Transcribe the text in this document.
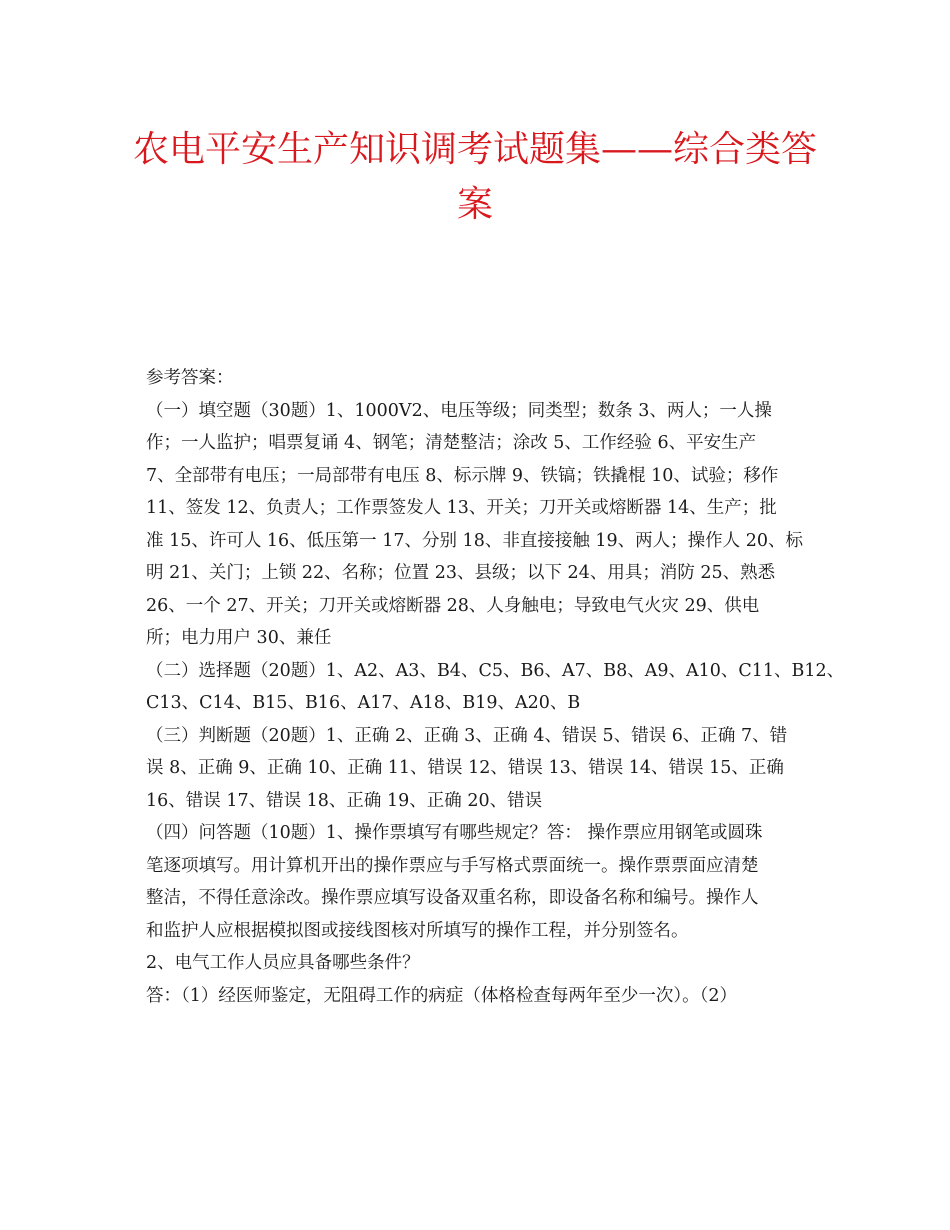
农电平安生产知识调考试题集——综合类答案

参考答案：

（一）填空题（30题）1、1000V2、电压等级；同类型；数条 3、两人；一人操
作；一人监护；唱票复诵 4、钢笔；清楚整洁；涂改 5、工作经验 6、平安生产
7、全部带有电压；一局部带有电压 8、标示牌 9、铁镐；铁撬棍 10、试验；移作
11、签发 12、负责人；工作票签发人 13、开关；刀开关或熔断器 14、生产；批
准 15、许可人 16、低压第一 17、分别 18、非直接接触 19、两人；操作人 20、标
明 21、关门；上锁 22、名称；位置 23、县级；以下 24、用具；消防 25、熟悉
26、一个 27、开关；刀开关或熔断器 28、人身触电；导致电气火灾 29、供电
所；电力用户 30、兼任

（二）选择题（20题）1、A2、A3、B4、C5、B6、A7、B8、A9、A10、C11、B12、
C13、C14、B15、B16、A17、A18、B19、A20、B

（三）判断题（20题）1、正确 2、正确 3、正确 4、错误 5、错误 6、正确 7、错
误 8、正确 9、正确 10、正确 11、错误 12、错误 13、错误 14、错误 15、正确
16、错误 17、错误 18、正确 19、正确 20、错误

（四）问答题（10题）1、操作票填写有哪些规定？答： 操作票应用钢笔或圆珠
笔逐项填写。用计算机开出的操作票应与手写格式票面统一。操作票票面应清楚
整洁，不得任意涂改。操作票应填写设备双重名称，即设备名称和编号。操作人
和监护人应根据模拟图或接线图核对所填写的操作工程，并分别签名。

2、电气工作人员应具备哪些条件？

答：（1）经医师鉴定，无阻碍工作的病症（体格检查每两年至少一次）。（2）
